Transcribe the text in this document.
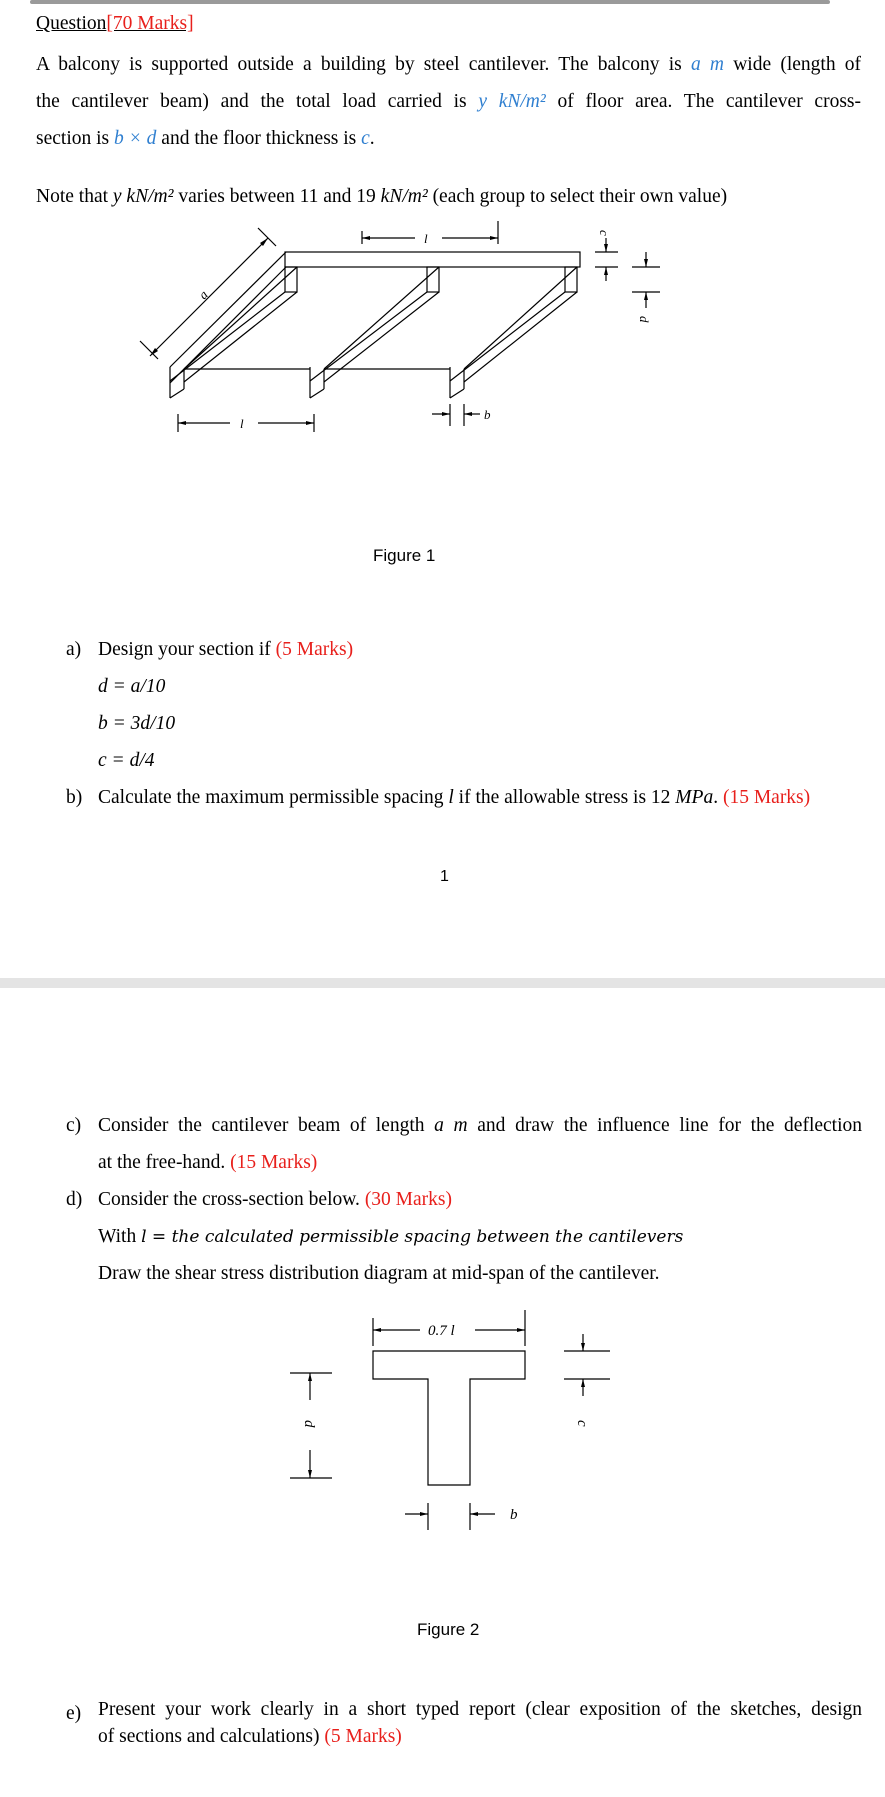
Question[70 Marks]
A balcony is supported outside a building by steel cantilever. The balcony is a m wide (length of
the cantilever beam) and the total load carried is y kN/m² of floor area. The cantilever cross-
section is b × d and the floor thickness is c.
Note that y kN/m² varies between 11 and 19 kN/m² (each group to select their own value)
l
l
a
b
c
d
Figure 1
a) Design your section if (5 Marks)
d = a/10
b = 3d/10
c = d/4
b) Calculate the maximum permissible spacing l if the allowable stress is 12 MPa. (15 Marks)
1
c) Consider the cantilever beam of length a m and draw the influence line for the deflection
at the free-hand. (15 Marks)
d) Consider the cross-section below. (30 Marks)
With l = the calculated permissible spacing between the cantilevers
Draw the shear stress distribution diagram at mid-span of the cantilever.
0.7 l
c
d
b
Figure 2
e) Present your work clearly in a short typed report (clear exposition of the sketches, design
of sections and calculations) (5 Marks)
